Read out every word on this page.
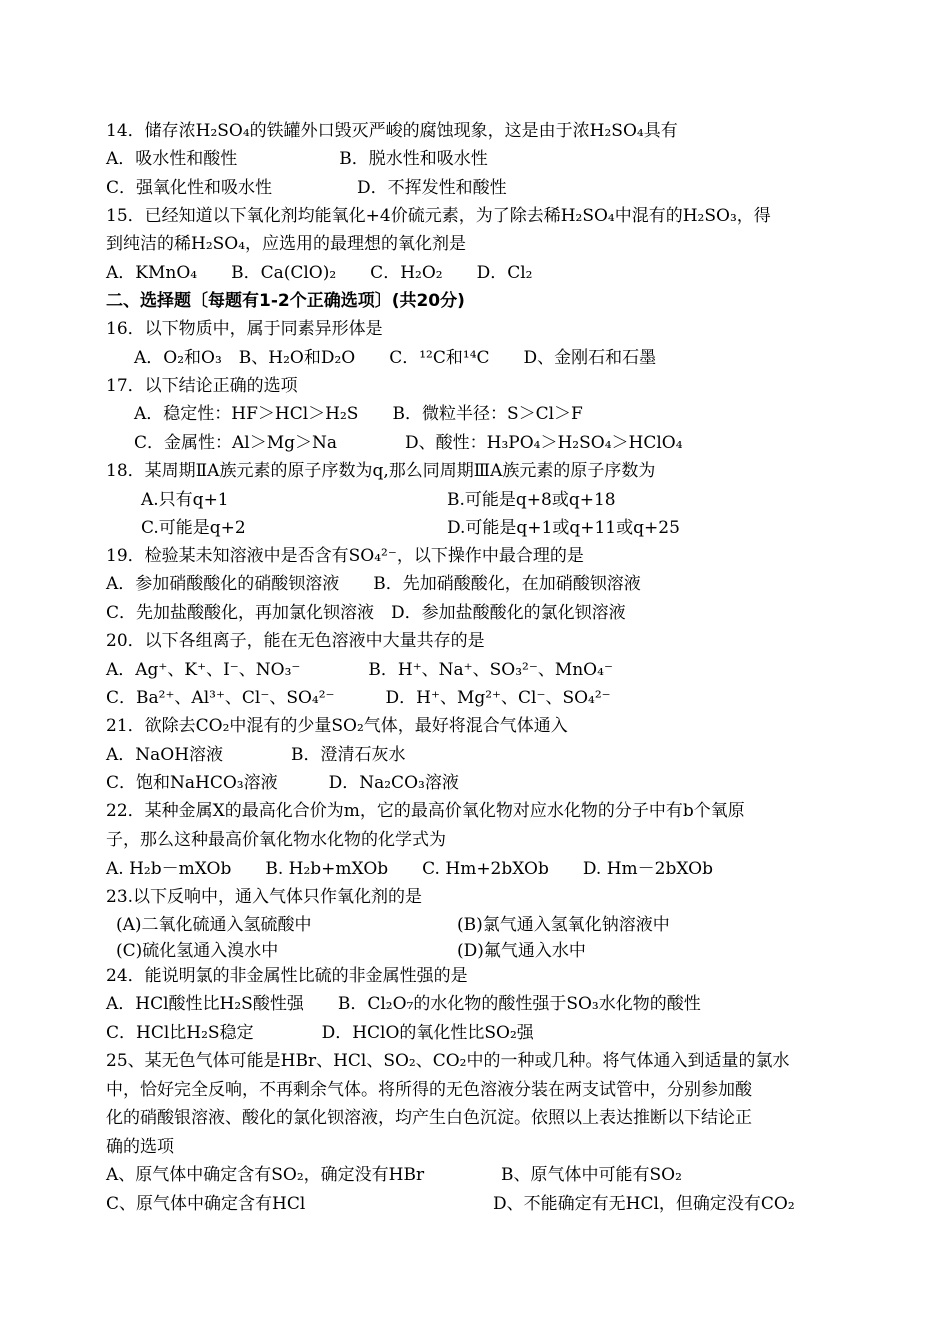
14．储存浓H₂SO₄的铁罐外口毁灭严峻的腐蚀现象，这是由于浓H₂SO₄具有
A．吸水性和酸性　　　　　　B．脱水性和吸水性
C．强氧化性和吸水性　　　　　D．不挥发性和酸性
15．已经知道以下氧化剂均能氧化+4价硫元素，为了除去稀H₂SO₄中混有的H₂SO₃，得
到纯洁的稀H₂SO₄，应选用的最理想的氧化剂是
A．KMnO₄　　B．Ca(ClO)₂　　C．H₂O₂　　D．Cl₂
二、选择题〔每题有1-2个正确选项〕(共20分)
16．以下物质中，属于同素异形体是
A．O₂和O₃　B、H₂O和D₂O　　C．¹²C和¹⁴C　　D、金刚石和石墨
17．以下结论正确的选项
A．稳定性：HF＞HCl＞H₂S　　B．微粒半径：S＞Cl＞F
C．金属性：Al＞Mg＞Na　　　　D、酸性：H₃PO₄＞H₂SO₄＞HClO₄
18．某周期ⅡA族元素的原子序数为q,那么同周期ⅢA族元素的原子序数为
A.只有q+1	B.可能是q+8或q+18
C.可能是q+2	D.可能是q+1或q+11或q+25
19．检验某未知溶液中是否含有SO₄²⁻，以下操作中最合理的是
A．参加硝酸酸化的硝酸钡溶液　　B．先加硝酸酸化，在加硝酸钡溶液
C．先加盐酸酸化，再加氯化钡溶液　D．参加盐酸酸化的氯化钡溶液
20．以下各组离子，能在无色溶液中大量共存的是
A．Ag⁺、K⁺、I⁻、NO₃⁻　　　　B．H⁺、Na⁺、SO₃²⁻、MnO₄⁻
C．Ba²⁺、Al³⁺、Cl⁻、SO₄²⁻　　　D．H⁺、Mg²⁺、Cl⁻、SO₄²⁻
21．欲除去CO₂中混有的少量SO₂气体，最好将混合气体通入
A．NaOH溶液　　　　B．澄清石灰水
C．饱和NaHCO₃溶液　　　D．Na₂CO₃溶液
22．某种金属X的最高化合价为m，它的最高价氧化物对应水化物的分子中有b个氧原
子，那么这种最高价氧化物水化物的化学式为
A. H₂b－mXOb　　B. H₂b+mXOb　　C. Hm+2bXOb　　D. Hm－2bXOb
23.以下反响中，通入气体只作氧化剂的是
(A)二氧化硫通入氢硫酸中	(B)氯气通入氢氧化钠溶液中
(C)硫化氢通入溴水中	(D)氟气通入水中
24．能说明氯的非金属性比硫的非金属性强的是
A．HCl酸性比H₂S酸性强　　B．Cl₂O₇的水化物的酸性强于SO₃水化物的酸性
C．HCl比H₂S稳定　　　　D．HClO的氧化性比SO₂强
25、某无色气体可能是HBr、HCl、SO₂、CO₂中的一种或几种。将气体通入到适量的氯水
中，恰好完全反响，不再剩余气体。将所得的无色溶液分装在两支试管中，分别参加酸
化的硝酸银溶液、酸化的氯化钡溶液，均产生白色沉淀。依照以上表达推断以下结论正
确的选项
A、原气体中确定含有SO₂，确定没有HBr	B、原气体中可能有SO₂
C、原气体中确定含有HCl	D、不能确定有无HCl，但确定没有CO₂
